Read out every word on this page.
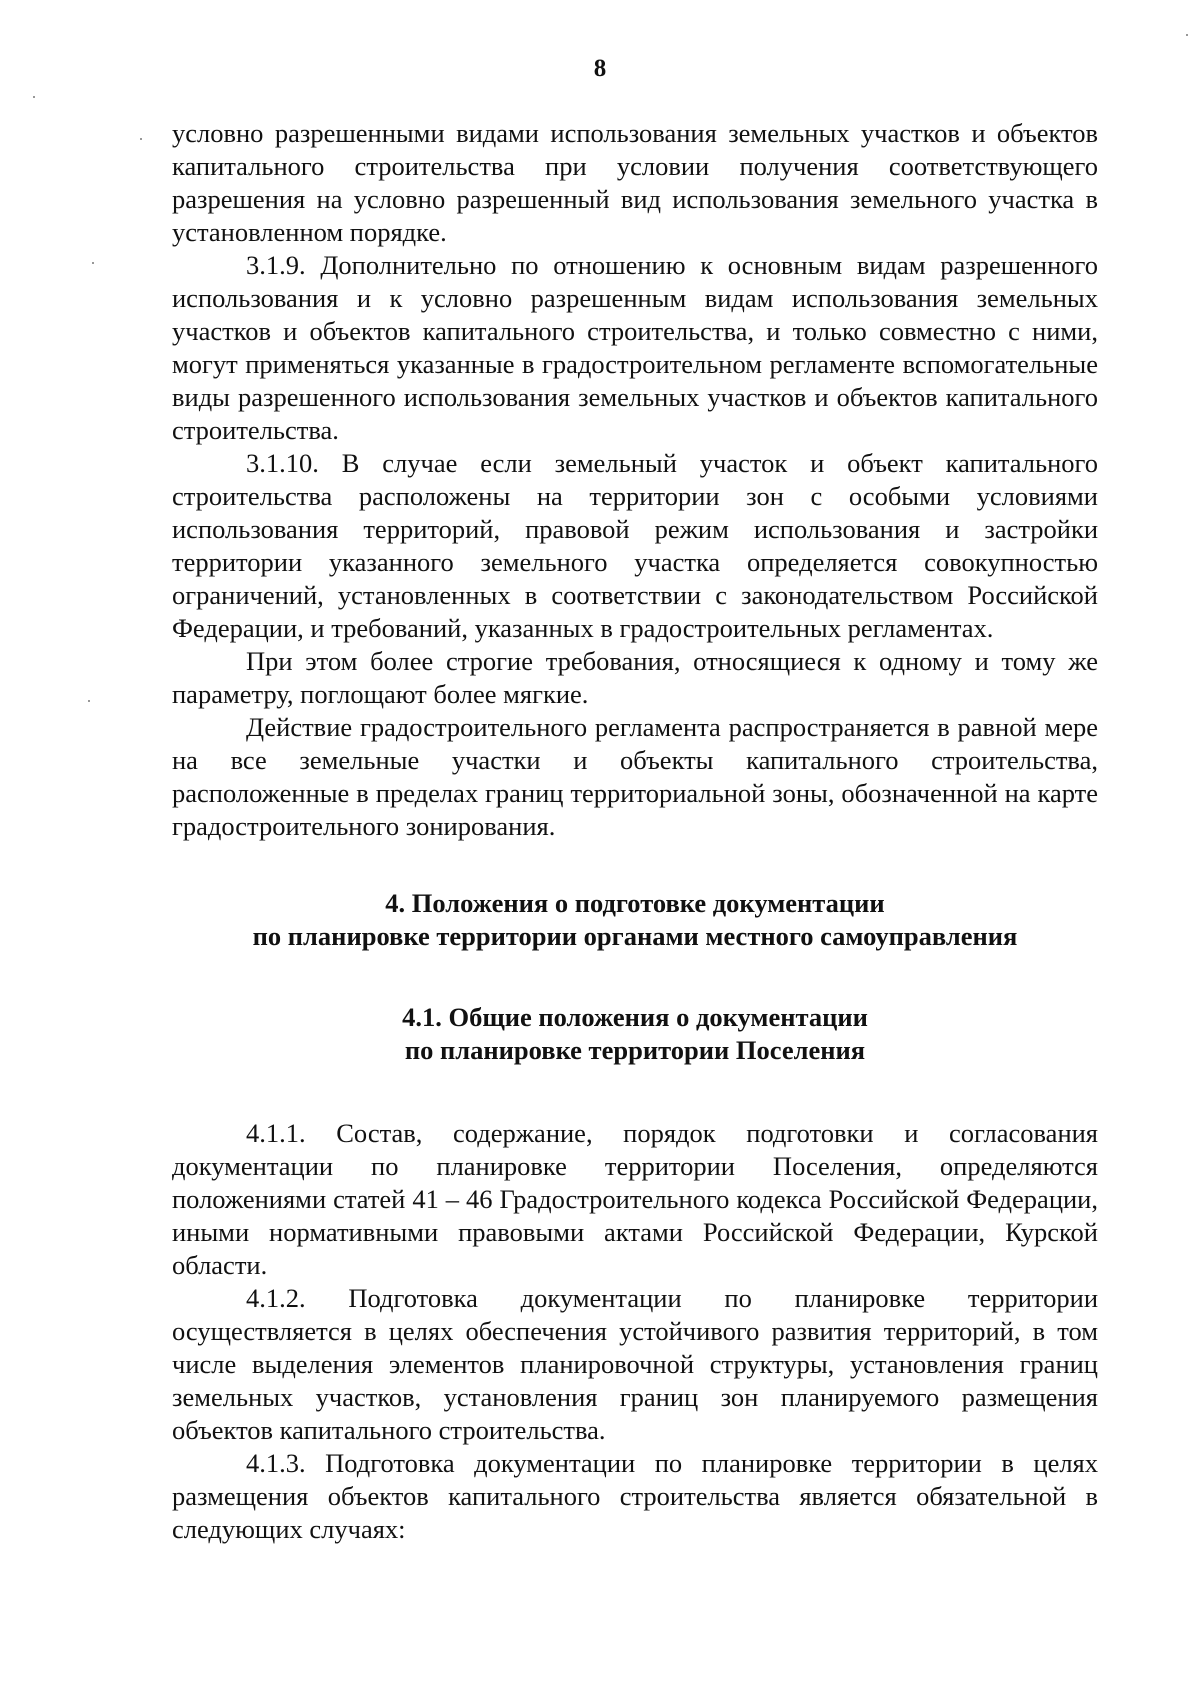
8

условно разрешенными видами использования земельных участков и объектов капитального строительства при условии получения соответствующего разрешения на условно разрешенный вид использования земельного участка в установленном порядке.

3.1.9. Дополнительно по отношению к основным видам разрешенного использования и к условно разрешенным видам использования земельных участков и объектов капитального строительства, и только совместно с ними, могут применяться указанные в градостроительном регламенте вспомогательные виды разрешенного использования земельных участков и объектов капитального строительства.

3.1.10. В случае если земельный участок и объект капитального строительства расположены на территории зон с особыми условиями использования территорий, правовой режим использования и застройки территории указанного земельного участка определяется совокупностью ограничений, установленных в соответствии с законодательством Российской Федерации, и требований, указанных в градостроительных регламентах.

При этом более строгие требования, относящиеся к одному и тому же параметру, поглощают более мягкие.

Действие градостроительного регламента распространяется в равной мере на все земельные участки и объекты капитального строительства, расположенные в пределах границ территориальной зоны, обозначенной на карте градостроительного зонирования.

4. Положения о подготовке документации

по планировке территории органами местного самоуправления

4.1. Общие положения о документации

по планировке территории Поселения

4.1.1. Состав, содержание, порядок подготовки и согласования документации по планировке территории Поселения, определяются положениями статей 41 – 46 Градостроительного кодекса Российской Федерации, иными нормативными правовыми актами Российской Федерации, Курской области.

4.1.2. Подготовка документации по планировке территории осуществляется в целях обеспечения устойчивого развития территорий, в том числе выделения элементов планировочной структуры, установления границ земельных участков, установления границ зон планируемого размещения объектов капитального строительства.

4.1.3. Подготовка документации по планировке территории в целях размещения объектов капитального строительства является обязательной в следующих случаях:
